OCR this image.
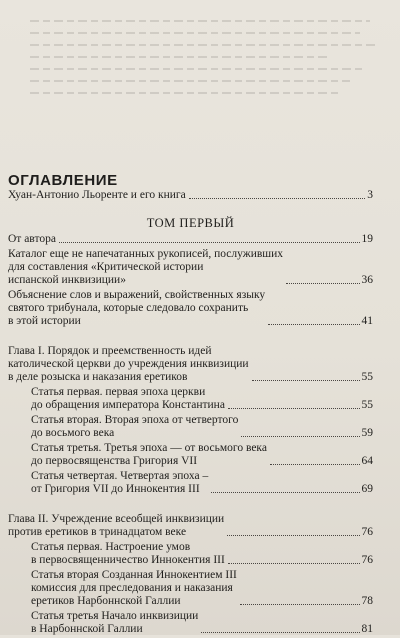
ОГЛАВЛЕНИЕ
Хуан-Антонио Льоренте и его книга	3
ТОМ ПЕРВЫЙ
От автора	19
Каталог еще не напечатанных рукописей, послуживших
для составления «Критической истории
испанской инквизиции»	36
Объяснение слов и выражений, свойственных языку
святого трибунала, которые следовало сохранить
в этой истории	41
Глава I. Порядок и преемственность идей
католической церкви до учреждения инквизиции
в деле розыска и наказания еретиков	55
Статья первая. первая эпоха церкви
до обращения императора Константина	55
Статья вторая. Вторая эпоха от четвертого
до восьмого века	59
Статья третья. Третья эпоха — от восьмого века
до первосвященства Григория VII	64
Статья четвертая. Четвертая эпоха –
от Григория VII до Иннокентия III	69
Глава II. Учреждение всеобщей инквизиции
против еретиков в тринадцатом веке	76
Статья первая. Настроение умов
в первосвященничество Иннокентия III	76
Статья вторая Созданная Иннокентием III
комиссия для преследования и наказания
еретиков Нарбоннской Галлии	78
Статья третья Начало инквизиции
в Нарбоннской Галлии	81
